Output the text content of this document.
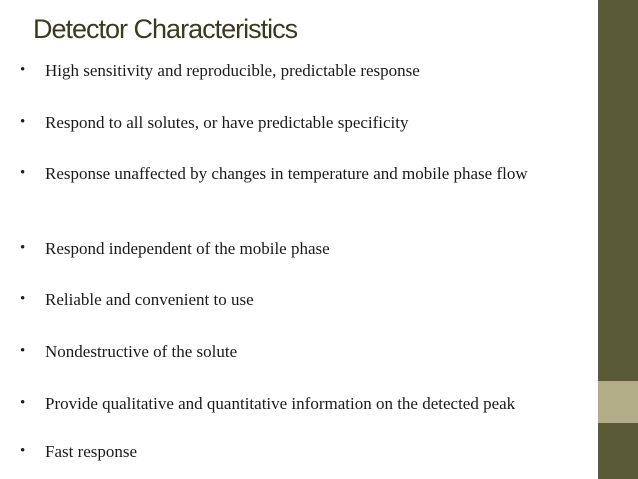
Detector Characteristics
•	High sensitivity and reproducible, predictable response
•	Respond to all solutes, or have predictable specificity
•	Response unaffected by changes in temperature and mobile phase flow
•	Respond independent of the mobile phase
•	Reliable and convenient to use
•	Nondestructive of the solute
•	Provide qualitative and quantitative information on the detected peak
•	Fast response
